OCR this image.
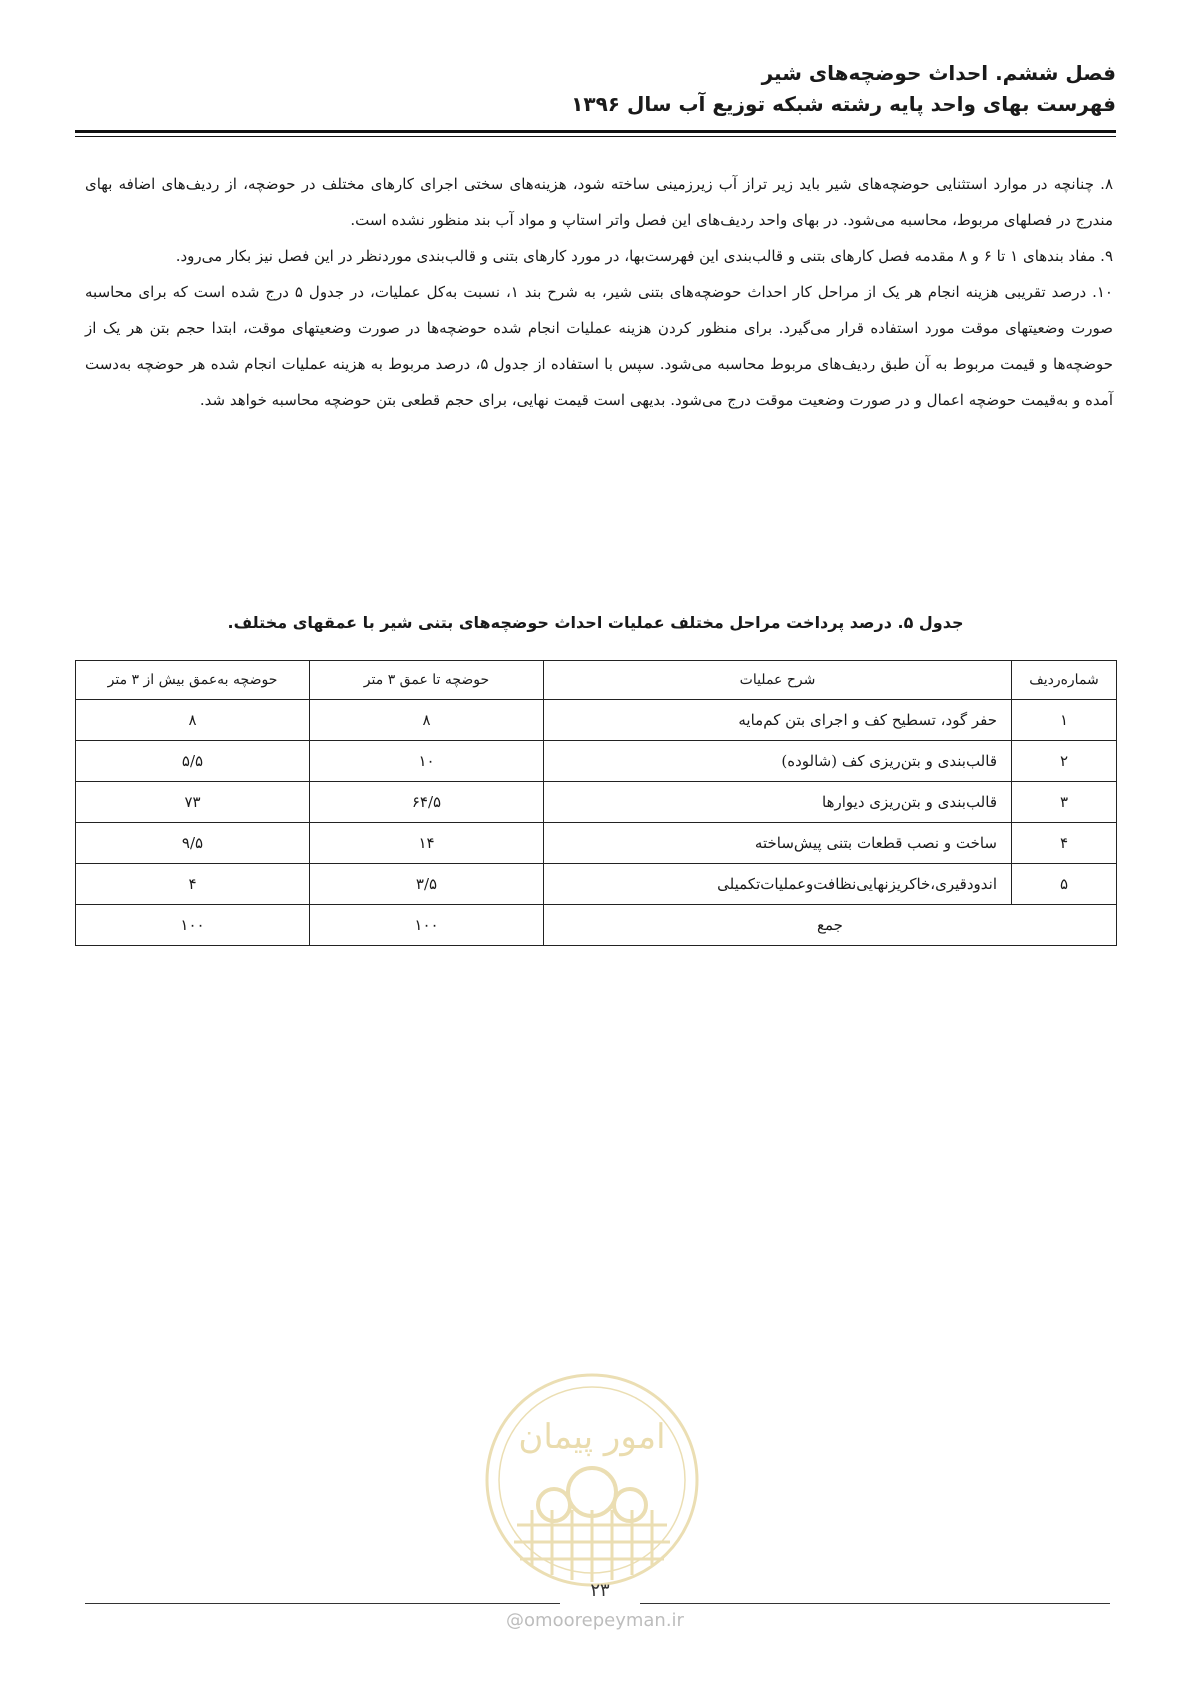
فصل ششم. احداث حوضچه‌های شیر
فهرست بهای واحد پایه رشته شبکه توزیع آب سال ۱۳۹۶

۸. چنانچه در موارد استثنایی حوضچه‌های شیر باید زیر تراز آب زیرزمینی ساخته شود، هزینه‌های سختی اجرای کارهای مختلف در حوضچه، از ردیف‌های اضافه بهای مندرج در فصلهای مربوط، محاسبه می‌شود. در بهای واحد ردیف‌های این فصل واتر استاپ و مواد آب بند منظور نشده است.

۹. مفاد بندهای ۱ تا ۶ و ۸ مقدمه فصل کارهای بتنی و قالب‌بندی این فهرست‌بها، در مورد کارهای بتنی و قالب‌بندی موردنظر در این فصل نیز بکار می‌رود.

۱۰. درصد تقریبی هزینه انجام هر یک از مراحل کار احداث حوضچه‌های بتنی شیر، به شرح بند ۱، نسبت به‌کل عملیات، در جدول ۵ درج شده است که برای محاسبه صورت وضعیتهای موقت مورد استفاده قرار می‌گیرد. برای منظور کردن هزینه عملیات انجام شده حوضچه‌ها در صورت وضعیتهای موقت، ابتدا حجم بتن هر یک از حوضچه‌ها و قیمت مربوط به آن طبق ردیف‌های مربوط محاسبه می‌شود. سپس با استفاده از جدول ۵، درصد مربوط به هزینه عملیات انجام شده هر حوضچه به‌دست آمده و به‌قیمت حوضچه اعمال و در صورت وضعیت موقت درج می‌شود. بدیهی است قیمت نهایی، برای حجم قطعی بتن حوضچه محاسبه خواهد شد.

جدول ۵. درصد پرداخت مراحل مختلف عملیات احداث حوضچه‌های بتنی شیر با عمقهای مختلف.
شماره‌ردیف	شرح عملیات	حوضچه تا عمق ۳ متر	حوضچه به‌عمق بیش از ۳ متر
۱	حفر گود، تسطیح کف و اجرای بتن کم‌مایه	۸	۸
۲	قالب‌بندی و بتن‌ریزی کف (شالوده)	۱۰	۵/۵
۳	قالب‌بندی و بتن‌ریزی دیوارها	۶۴/۵	۷۳
۴	ساخت و نصب قطعات بتنی پیش‌ساخته	۱۴	۹/۵
۵	اندودقیری،خاکریزنهایی‌نظافت‌وعملیات‌تکمیلی	۳/۵	۴
جمع		۱۰۰	۱۰۰
امور پیمان
۲۳
@omoorepeyman.ir
